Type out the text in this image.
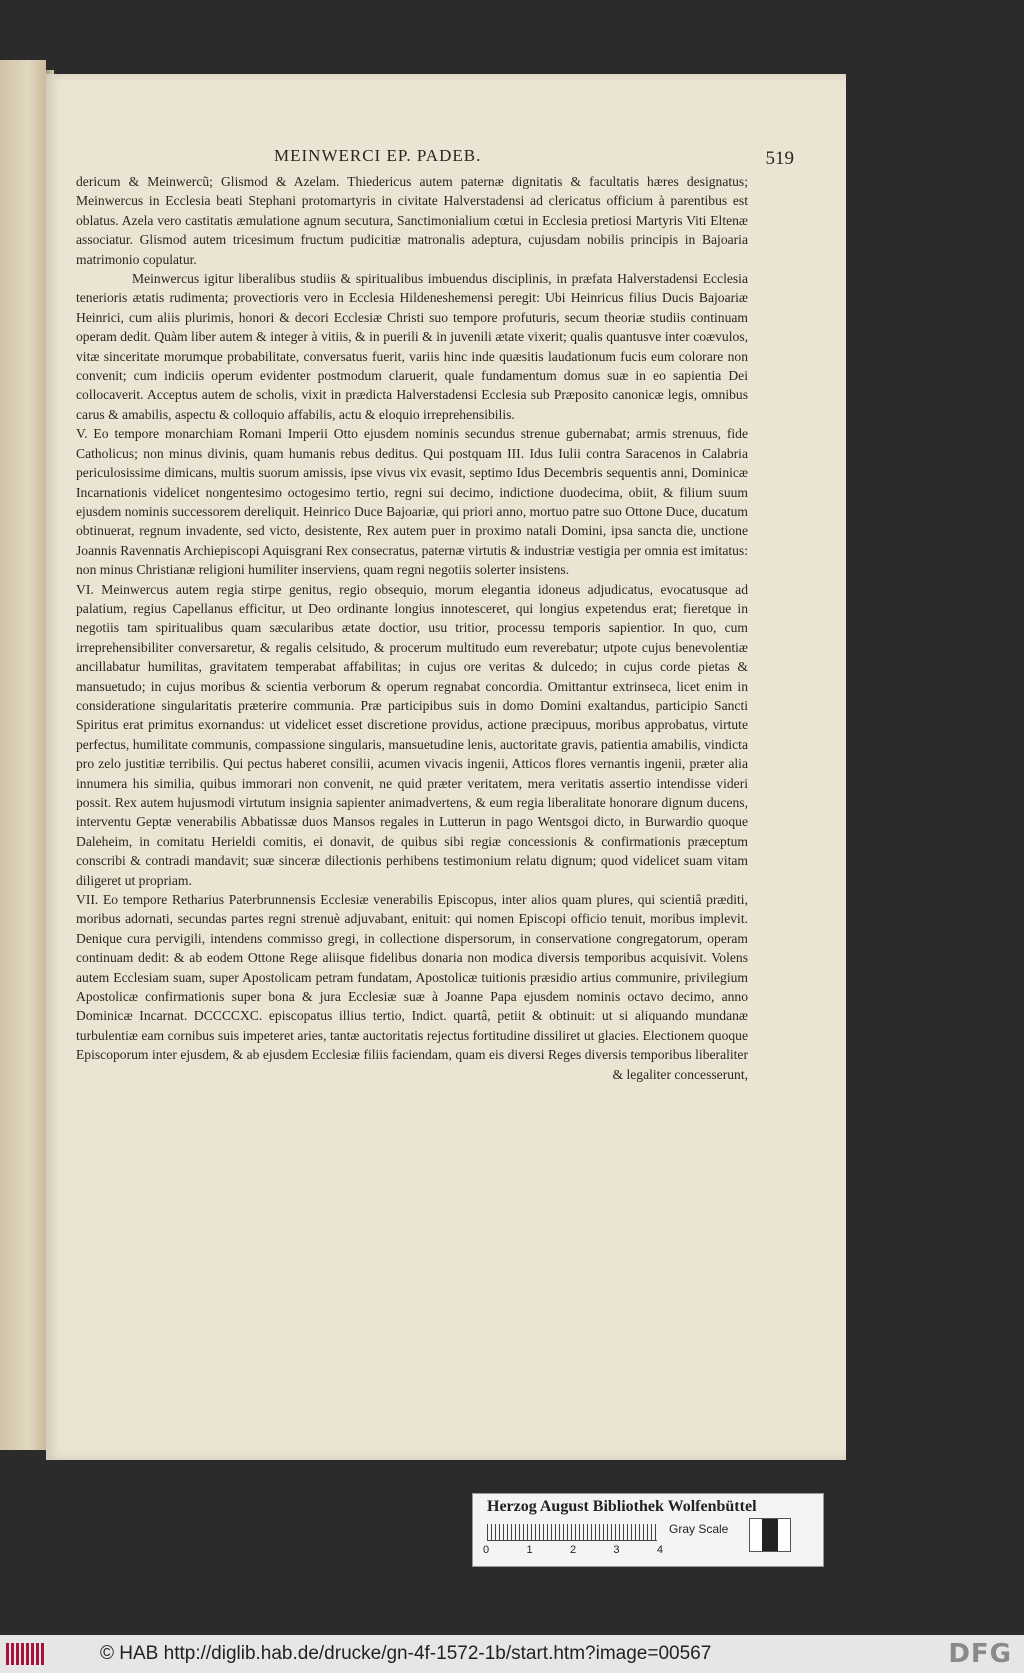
MEINWERCI EP. PADEB.	519

dericum & Meinwercũ; Glismod & Azelam. Thiedericus autem paternæ dignitatis & facultatis hæres designatus; Meinwercus in Ecclesia beati Stephani protomartyris in civitate Halverstadensi ad clericatus officium à parentibus est oblatus. Azela vero castitatis æmulatione agnum secutura, Sanctimonialium cœtui in Ecclesia pretiosi Martyris Viti Eltenæ associatur. Glismod autem tricesimum fructum pudicitiæ matronalis adeptura, cujusdam nobilis principis in Bajoaria matrimonio copulatur.

Meinwercus igitur liberalibus studiis & spiritualibus imbuendus disciplinis, in præfata Halverstadensi Ecclesia tenerioris ætatis rudimenta; provectioris vero in Ecclesia Hildeneshemensi peregit: Ubi Heinricus filius Ducis Bajoariæ Heinrici, cum aliis plurimis, honori & decori Ecclesiæ Christi suo tempore profuturis, secum theoriæ studiis continuam operam dedit. Quàm liber autem & integer à vitiis, & in puerili & in juvenili ætate vixerit; qualis quantusve inter coævulos, vitæ sinceritate morumque probabilitate, conversatus fuerit, variis hinc inde quæsitis laudationum fucis eum colorare non convenit; cum indiciis operum evidenter postmodum claruerit, quale fundamentum domus suæ in eo sapientia Dei collocaverit. Acceptus autem de scholis, vixit in prædicta Halverstadensi Ecclesia sub Præposito canonicæ legis, omnibus carus & amabilis, aspectu & colloquio affabilis, actu & eloquio irreprehensibilis.

V. Eo tempore monarchiam Romani Imperii Otto ejusdem nominis secundus strenue gubernabat; armis strenuus, fide Catholicus; non minus divinis, quam humanis rebus deditus. Qui postquam III. Idus Iulii contra Saracenos in Calabria periculosissime dimicans, multis suorum amissis, ipse vivus vix evasit, septimo Idus Decembris sequentis anni, Dominicæ Incarnationis videlicet nongentesimo octogesimo tertio, regni sui decimo, indictione duodecima, obiit, & filium suum ejusdem nominis successorem dereliquit. Heinrico Duce Bajoariæ, qui priori anno, mortuo patre suo Ottone Duce, ducatum obtinuerat, regnum invadente, sed victo, desistente, Rex autem puer in proximo natali Domini, ipsa sancta die, unctione Joannis Ravennatis Archiepiscopi Aquisgrani Rex consecratus, paternæ virtutis & industriæ vestigia per omnia est imitatus: non minus Christianæ religioni humiliter inserviens, quam regni negotiis solerter insistens.

VI. Meinwercus autem regia stirpe genitus, regio obsequio, morum elegantia idoneus adjudicatus, evocatusque ad palatium, regius Capellanus efficitur, ut Deo ordinante longius innotesceret, qui longius expetendus erat; fieretque in negotiis tam spiritualibus quam sæcularibus ætate doctior, usu tritior, processu temporis sapientior. In quo, cum irreprehensibiliter conversaretur, & regalis celsitudo, & procerum multitudo eum reverebatur; utpote cujus benevolentiæ ancillabatur humilitas, gravitatem temperabat affabilitas; in cujus ore veritas & dulcedo; in cujus corde pietas & mansuetudo; in cujus moribus & scientia verborum & operum regnabat concordia. Omittantur extrinseca, licet enim in consideratione singularitatis præterire communia. Præ participibus suis in domo Domini exaltandus, participio Sancti Spiritus erat primitus exornandus: ut videlicet esset discretione providus, actione præcipuus, moribus approbatus, virtute perfectus, humilitate communis, compassione singularis, mansuetudine lenis, auctoritate gravis, patientia amabilis, vindicta pro zelo justitiæ terribilis. Qui pectus haberet consilii, acumen vivacis ingenii, Atticos flores vernantis ingenii, præter alia innumera his similia, quibus immorari non convenit, ne quid præter veritatem, mera veritatis assertio intendisse videri possit. Rex autem hujusmodi virtutum insignia sapienter animadvertens, & eum regia liberalitate honorare dignum ducens, interventu Geptæ venerabilis Abbatissæ duos Mansos regales in Lutterun in pago Wentsgoi dicto, in Burwardio quoque Daleheim, in comitatu Herieldi comitis, ei donavit, de quibus sibi regiæ concessionis & confirmationis præceptum conscribi & contradi mandavit; suæ sinceræ dilectionis perhibens testimonium relatu dignum; quod videlicet suam vitam diligeret ut propriam.

VII. Eo tempore Retharius Paterbrunnensis Ecclesiæ venerabilis Episcopus, inter alios quam plures, qui scientiâ præditi, moribus adornati, secundas partes regni strenuè adjuvabant, enituit: qui nomen Episcopi officio tenuit, moribus implevit. Denique cura pervigili, intendens commisso gregi, in collectione dispersorum, in conservatione congregatorum, operam continuam dedit: & ab eodem Ottone Rege aliisque fidelibus donaria non modica diversis temporibus acquisivit. Volens autem Ecclesiam suam, super Apostolicam petram fundatam, Apostolicæ tuitionis præsidio artius communire, privilegium Apostolicæ confirmationis super bona & jura Ecclesiæ suæ à Joanne Papa ejusdem nominis octavo decimo, anno Dominicæ Incarnat. DCCCCXC. episcopatus illius tertio, Indict. quartâ, petiit & obtinuit: ut si aliquando mundanæ turbulentiæ eam cornibus suis impeteret aries, tantæ auctoritatis rejectus fortitudine dissiliret ut glacies. Electionem quoque Episcoporum inter ejusdem, & ab ejusdem Ecclesiæ filiis faciendam, quam eis diversi Reges diversis temporibus liberaliter & legaliter concesserunt,

Herzog August Bibliothek Wolfenbüttel
0	1	2	3	4
Gray Scale
© HAB http://diglib.hab.de/drucke/gn-4f-1572-1b/start.htm?image=00567	DFG
